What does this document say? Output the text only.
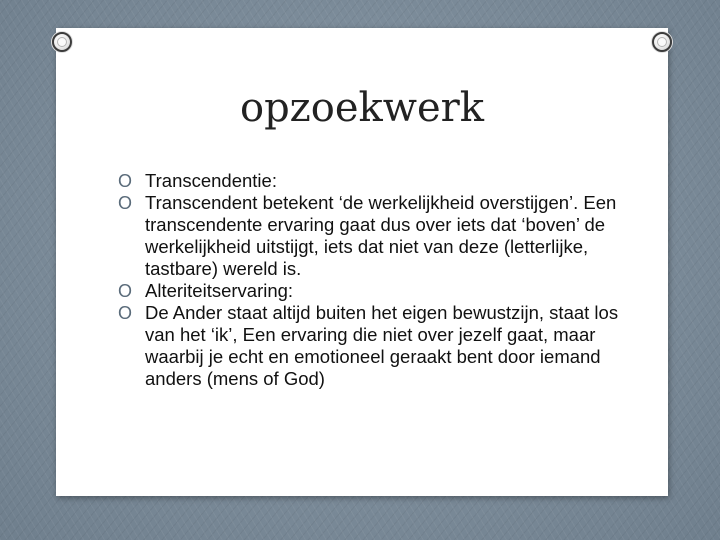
opzoekwerk
O Transcendentie:
O Transcendent betekent ‘de werkelijkheid overstijgen’. Een transcendente ervaring gaat dus over iets dat ‘boven’ de werkelijkheid uitstijgt, iets dat niet van deze (letterlijke, tastbare) wereld is.
O Alteriteitservaring:
O De Ander staat altijd buiten het eigen bewustzijn, staat los van het ‘ik’, Een ervaring die niet over jezelf gaat, maar waarbij je echt en emotioneel geraakt bent door iemand anders (mens of God)
